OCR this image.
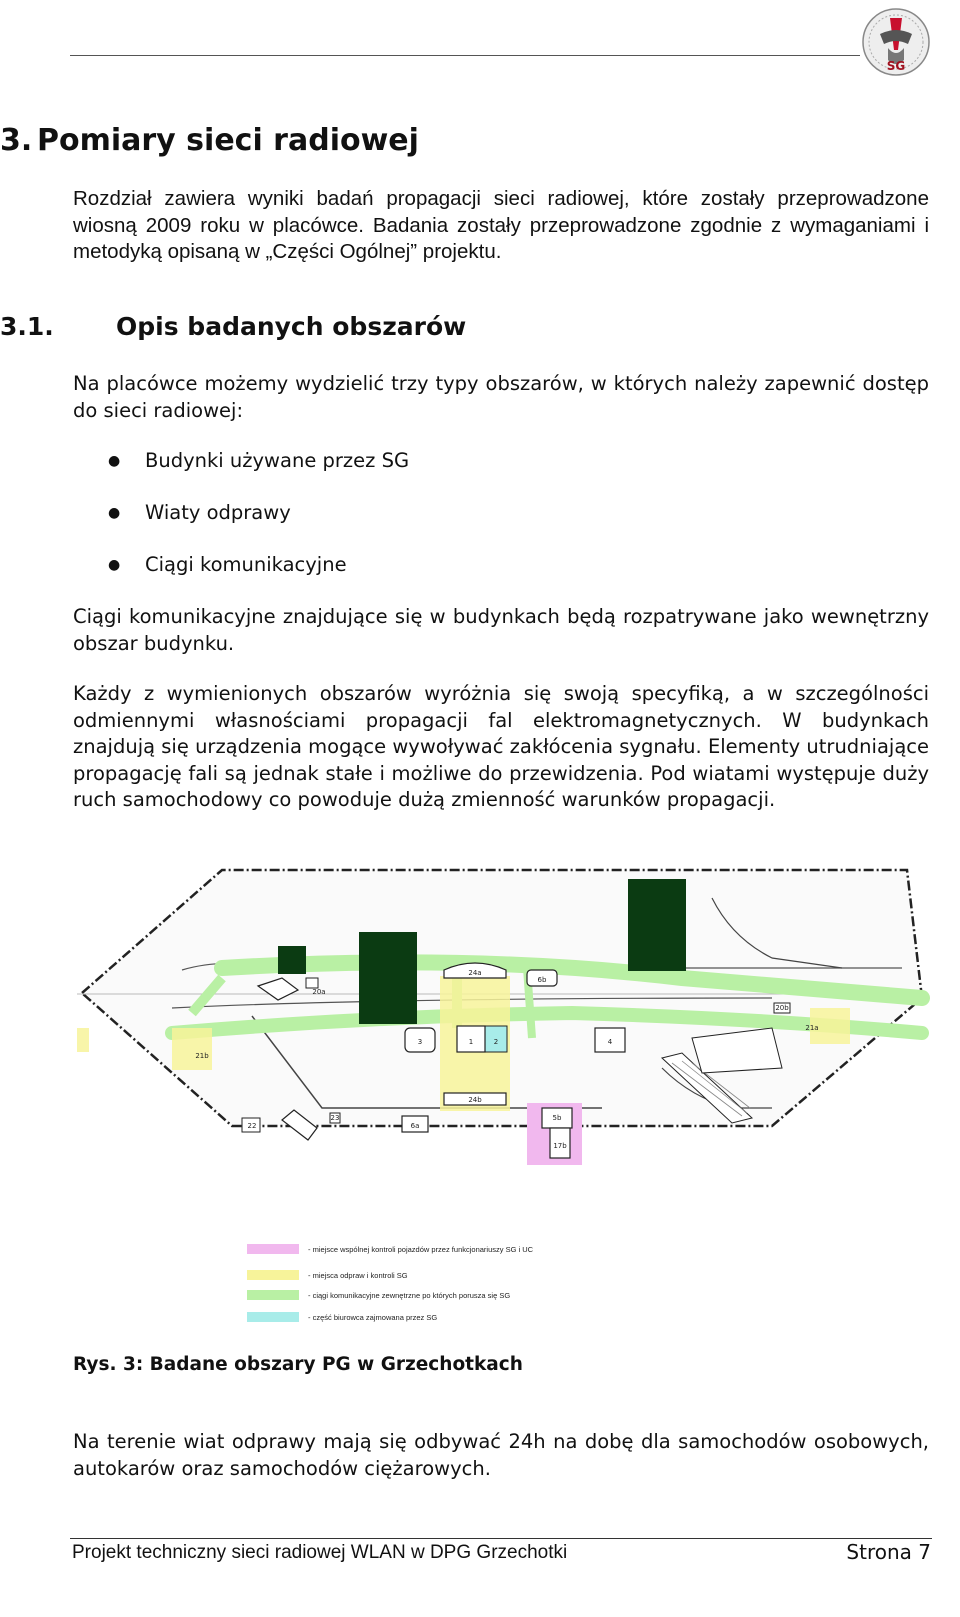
SG
3. Pomiary sieci radiowej
Rozdział zawiera wyniki badań propagacji sieci radiowej, które zostały przeprowadzone wiosną 2009 roku w placówce. Badania zostały przeprowadzone zgodnie z wymaganiami i metodyką opisaną w „Części Ogólnej” projektu.
3.1. Opis badanych obszarów
Na placówce możemy wydzielić trzy typy obszarów, w których należy zapewnić dostęp do sieci radiowej:
●	Budynki używane przez SG
●	Wiaty odprawy
●	Ciągi komunikacyjne
Ciągi komunikacyjne znajdujące się w budynkach będą rozpatrywane jako wewnętrzny obszar budynku.
Każdy z wymienionych obszarów wyróżnia się swoją specyfiką, a w szczególności odmiennymi własnościami propagacji fal elektromagnetycznych. W budynkach znajdują się urządzenia mogące wywoływać zakłócenia sygnału. Elementy utrudniające propagację fali są jednak stałe i możliwe do przewidzenia. Pod wiatami występuje duży ruch samochodowy co powoduje dużą zmienność warunków propagacji.
24a
6b
24b
5b
17b
6a
1	2
3	4
20a
20b
21a
21b
22
23
- miejsce wspólnej kontroli pojazdów przez funkcjonariuszy SG i UC
- miejsca odpraw i kontroli SG
- ciągi komunikacyjne zewnętrzne po których porusza się SG
- część biurowca zajmowana przez SG
Rys. 3: Badane obszary PG w Grzechotkach
Na terenie wiat odprawy mają się odbywać 24h na dobę dla samochodów osobowych, autokarów oraz samochodów ciężarowych.
Projekt techniczny sieci radiowej WLAN w DPG Grzechotki	Strona 7
